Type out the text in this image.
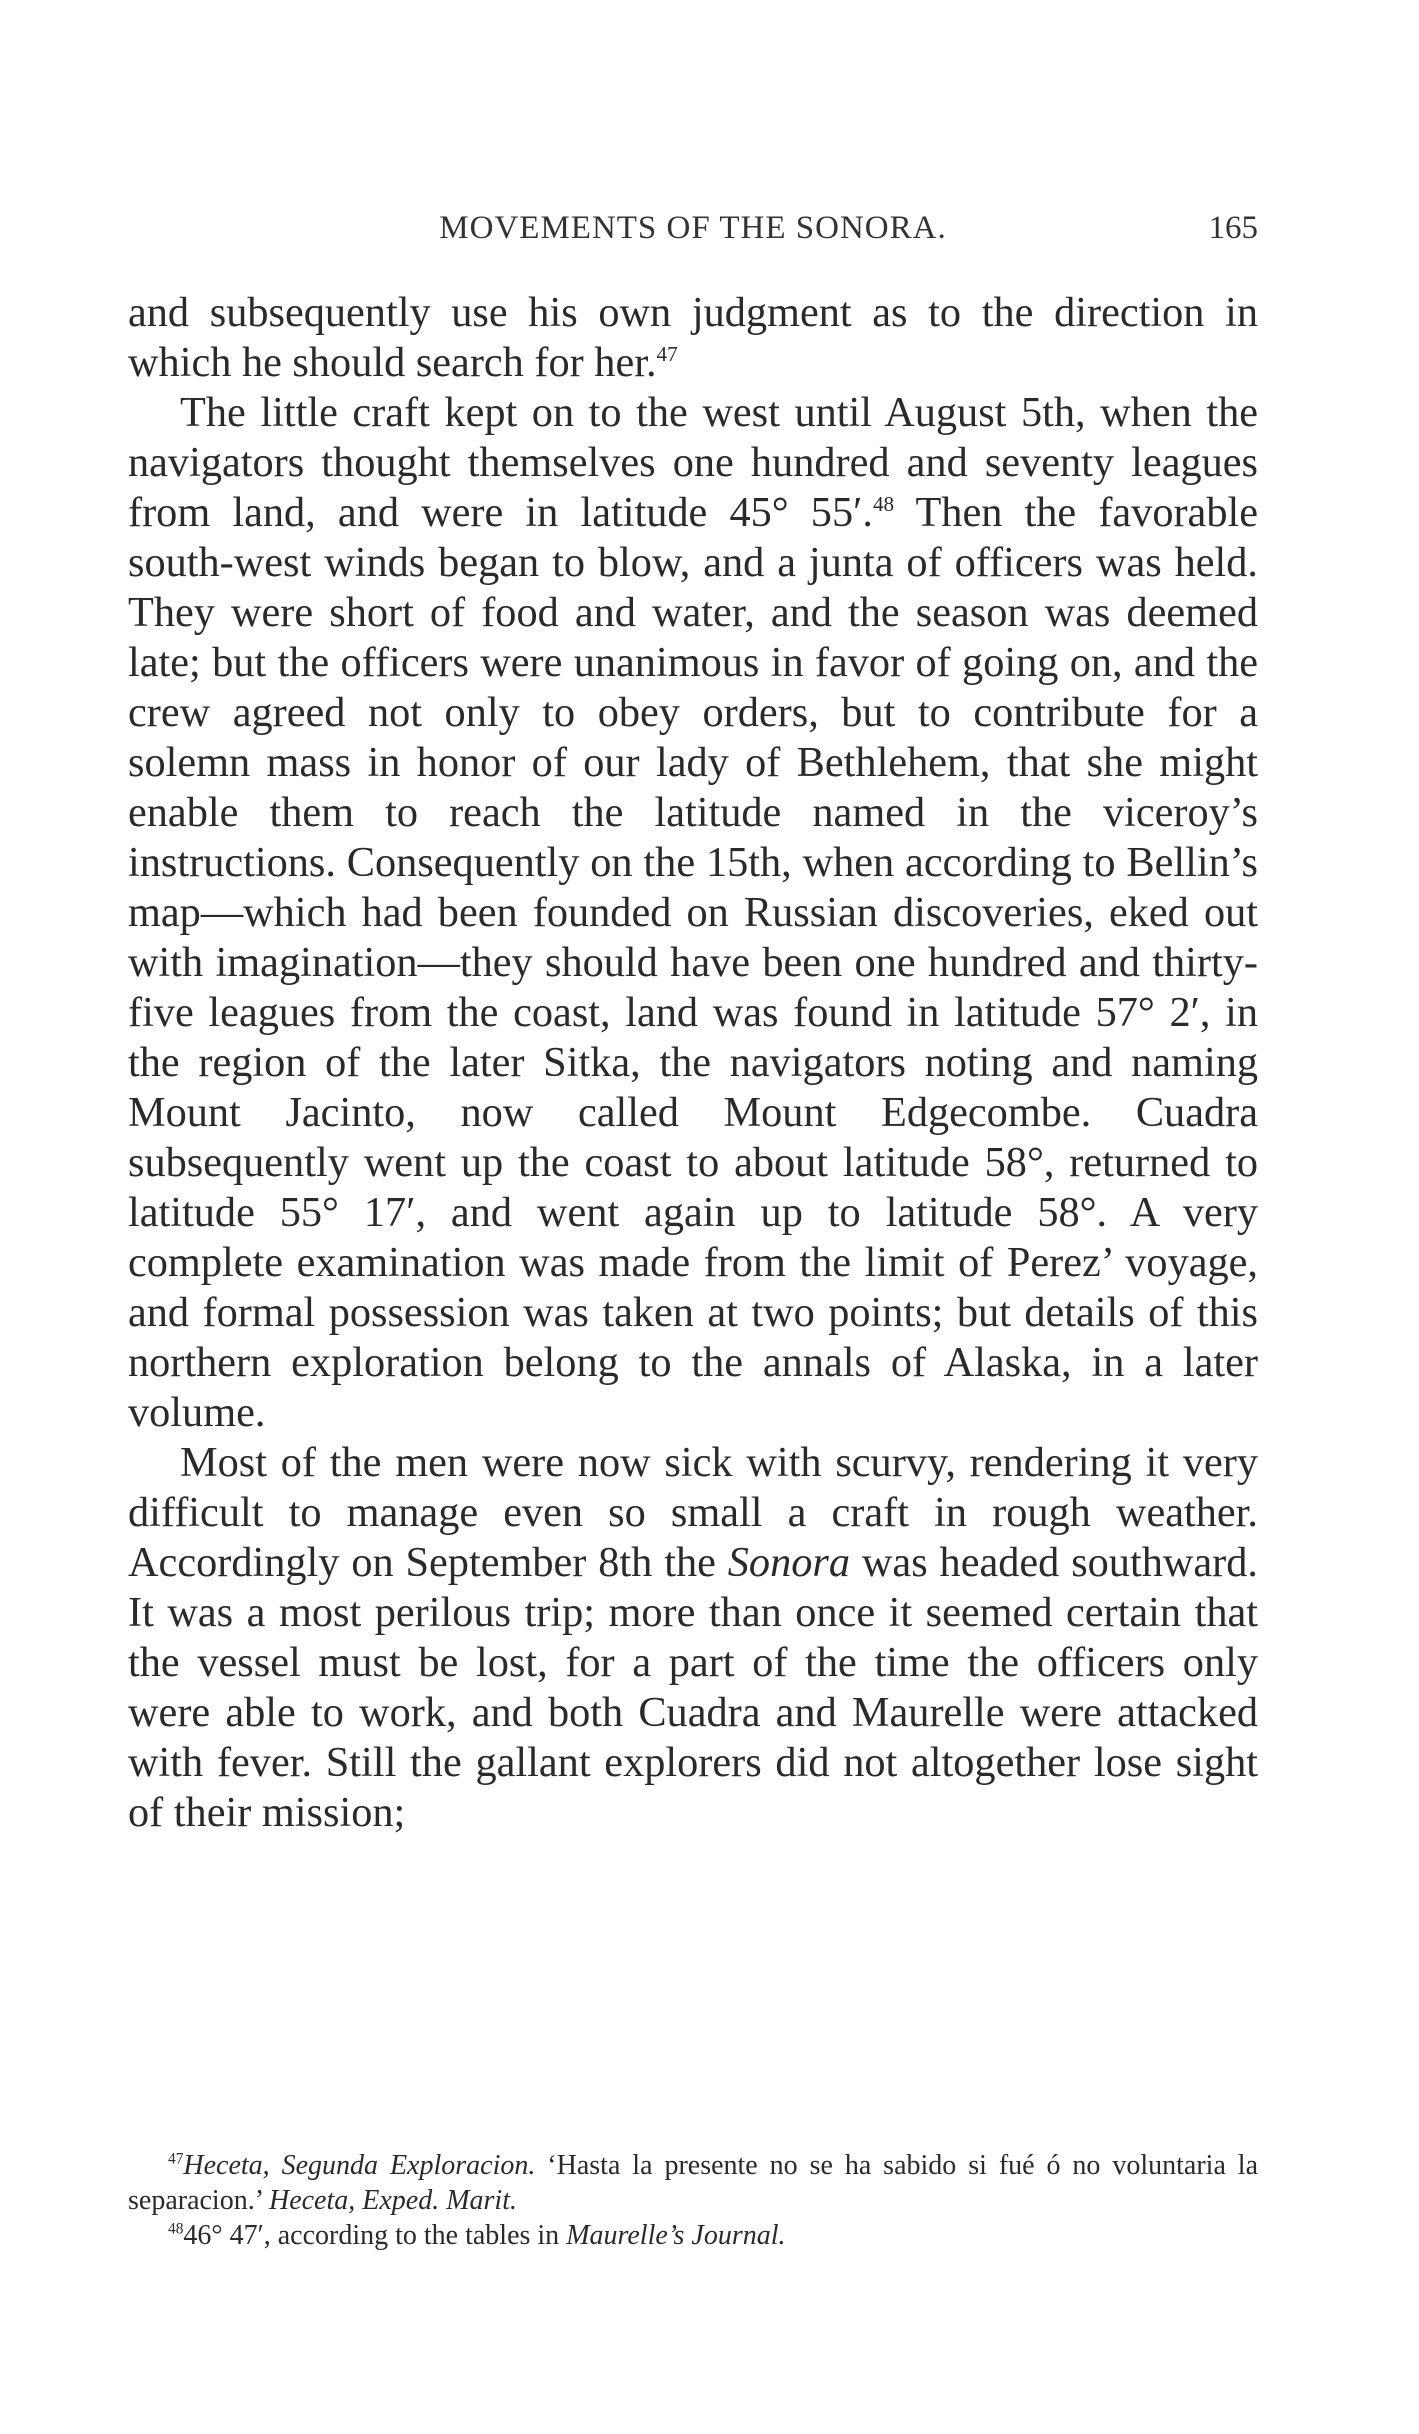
MOVEMENTS OF THE SONORA.	165

and subsequently use his own judgment as to the direction in which he should search for her.$^{47}$

The little craft kept on to the west until August 5th, when the navigators thought themselves one hundred and seventy leagues from land, and were in latitude 45° 55′.$^{48}$ Then the favorable south-west winds began to blow, and a junta of officers was held. They were short of food and water, and the season was deemed late; but the officers were unanimous in favor of going on, and the crew agreed not only to obey orders, but to contribute for a solemn mass in honor of our lady of Bethlehem, that she might enable them to reach the latitude named in the viceroy’s instructions. Consequently on the 15th, when according to Bellin’s map—which had been founded on Russian discoveries, eked out with imagination—they should have been one hundred and thirty-five leagues from the coast, land was found in latitude 57° 2′, in the region of the later Sitka, the navigators noting and naming Mount Jacinto, now called Mount Edgecombe. Cuadra subsequently went up the coast to about latitude 58°, returned to latitude 55° 17′, and went again up to latitude 58°. A very complete examination was made from the limit of Perez’ voyage, and formal possession was taken at two points; but details of this northern exploration belong to the annals of Alaska, in a later volume.

Most of the men were now sick with scurvy, rendering it very difficult to manage even so small a craft in rough weather. Accordingly on September 8th the Sonora was headed southward. It was a most perilous trip; more than once it seemed certain that the vessel must be lost, for a part of the time the officers only were able to work, and both Cuadra and Maurelle were attacked with fever. Still the gallant explorers did not altogether lose sight of their mission;

$^{47}$Heceta, Segunda Exploracion. ‘Hasta la presente no se ha sabido si fué ó no voluntaria la separacion.’ Heceta, Exped. Marit.

$^{48}$46° 47′, according to the tables in Maurelle’s Journal.
